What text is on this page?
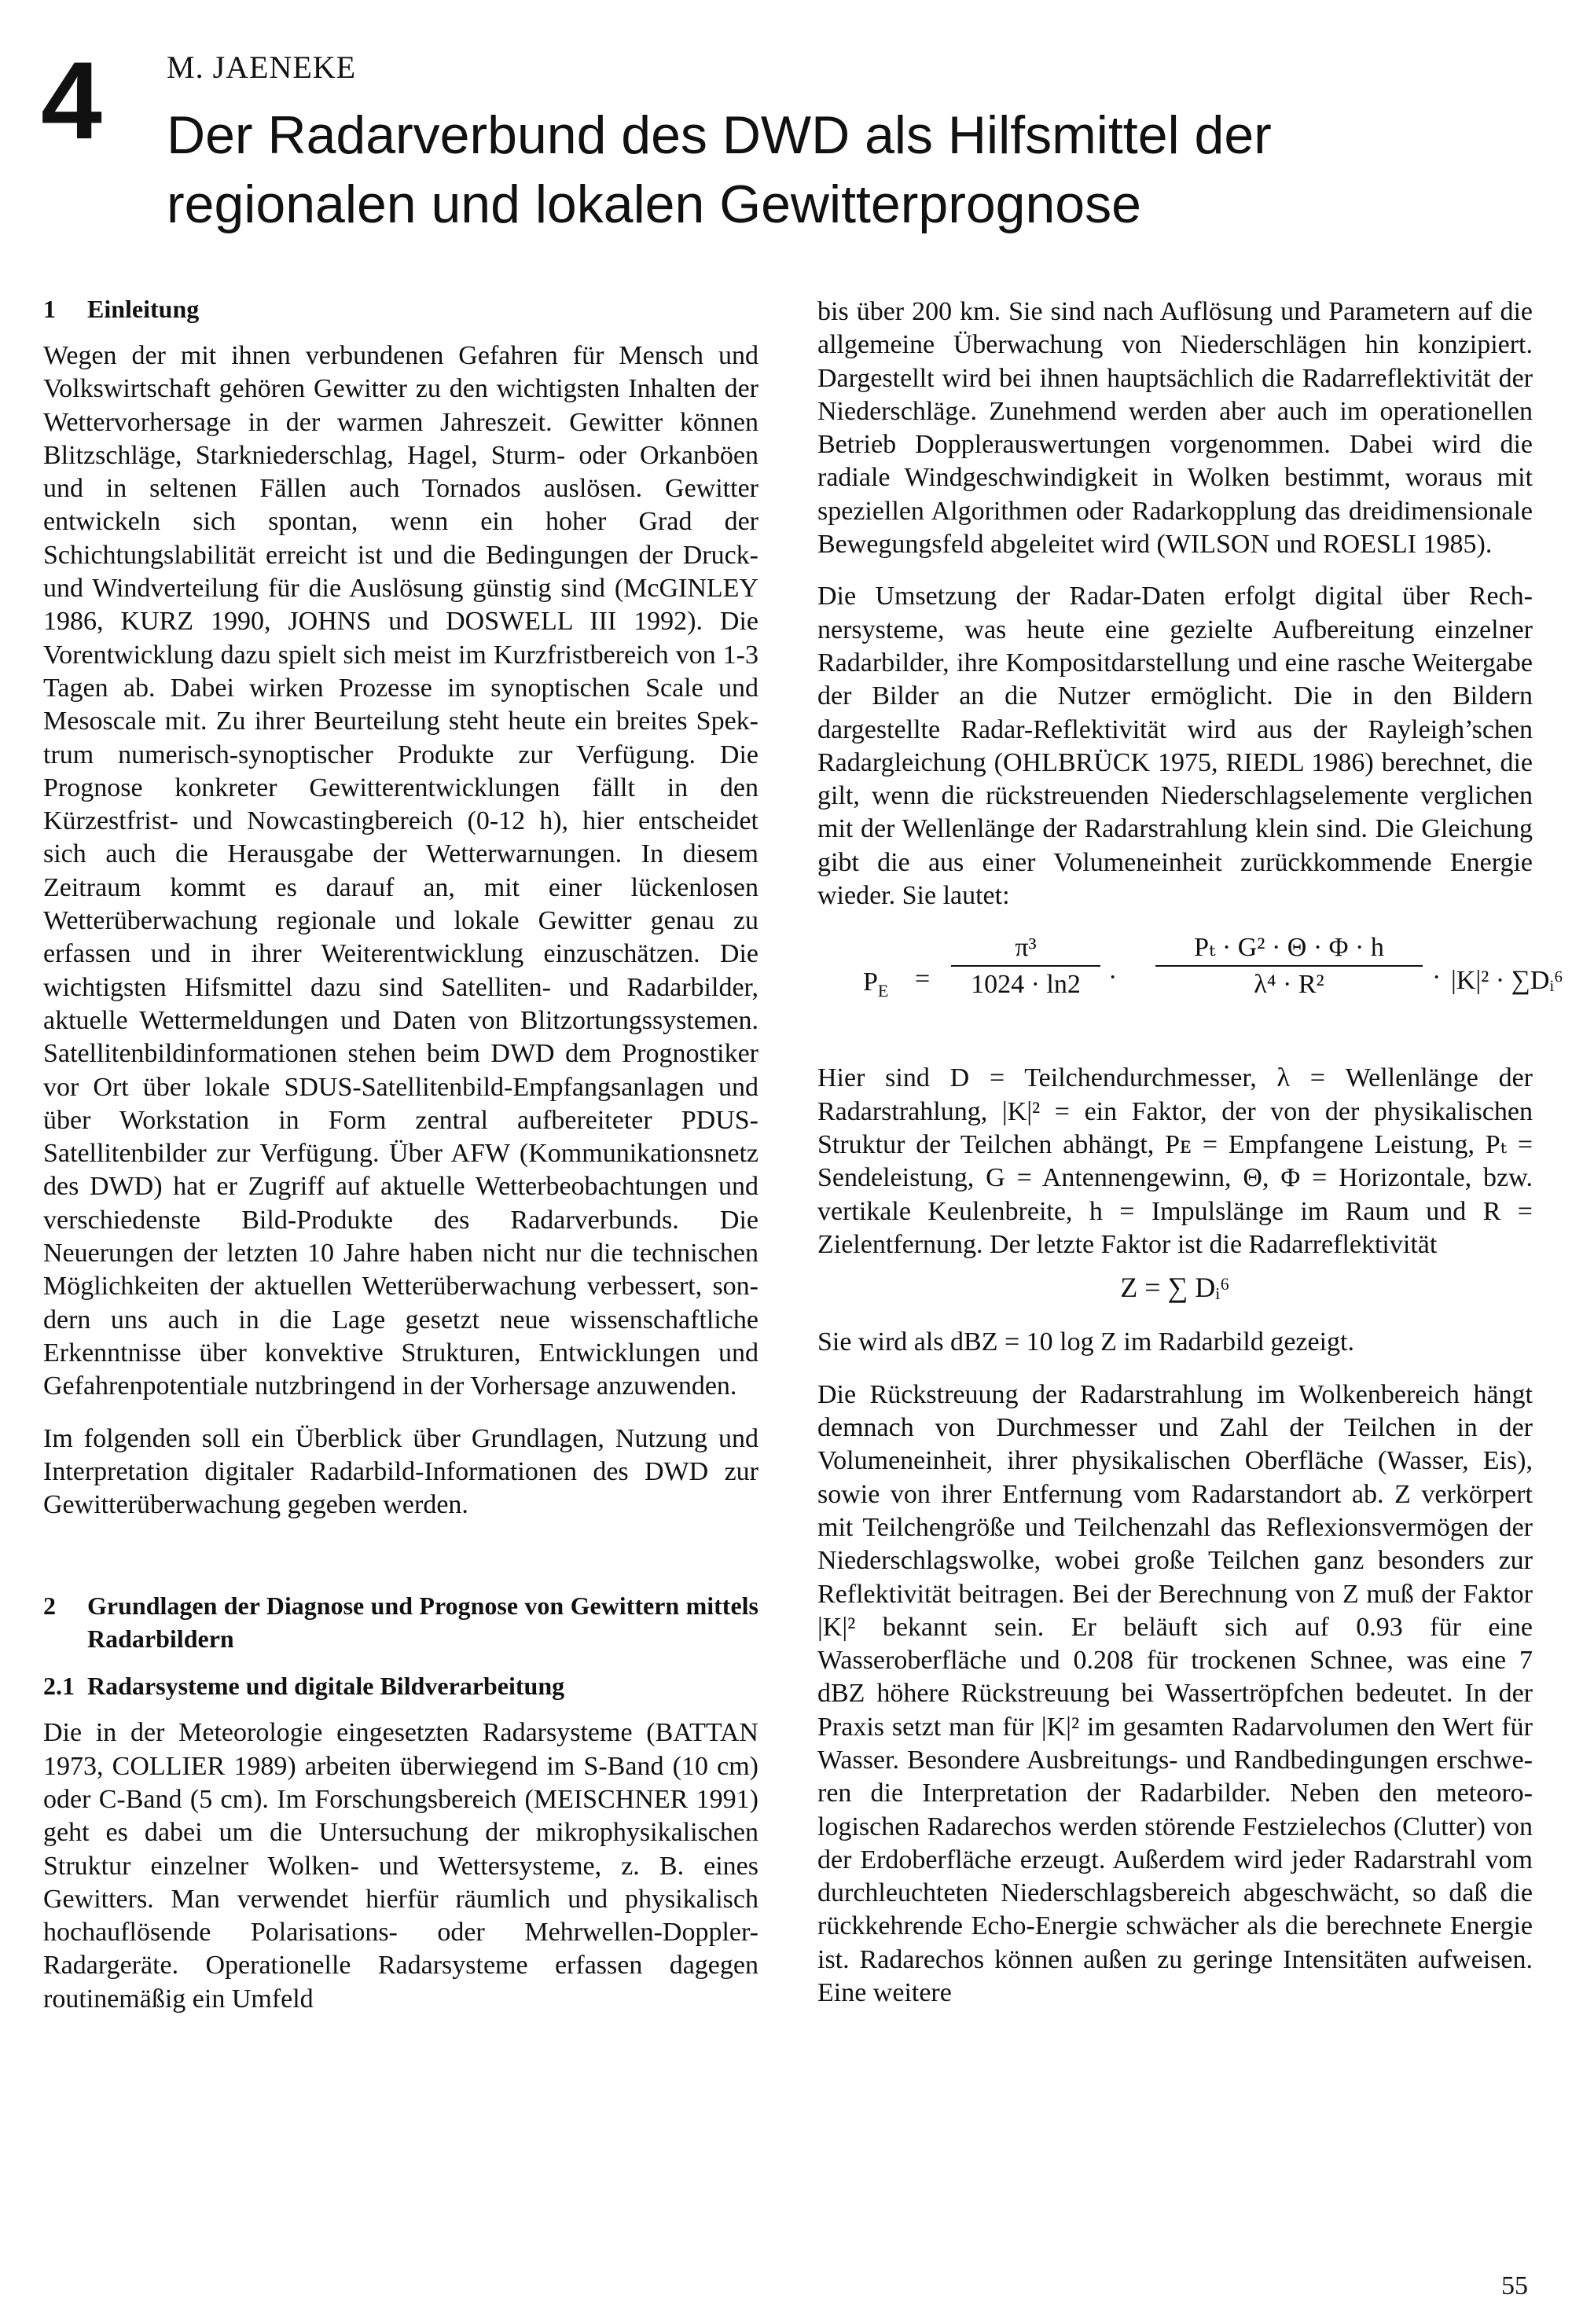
4 M. JAENEKE
Der Radarverbund des DWD als Hilfsmittel der
regionalen und lokalen Gewitterprognose
1	Einleitung

Wegen der mit ihnen verbundenen Gefahren für Mensch und Volkswirtschaft gehören Gewitter zu den wichtigsten Inhalten der Wettervorhersage in der warmen Jahreszeit. Gewitter können Blitzschläge, Starkniederschlag, Hagel, Sturm- oder Orkanböen und in seltenen Fällen auch Tornados auslösen. Gewitter entwickeln sich spontan, wenn ein hoher Grad der Schichtungslabilität erreicht ist und die Bedingungen der Druck- und Windverteilung für die Auslösung günstig sind (McGINLEY 1986, KURZ 1990, JOHNS und DOSWELL III 1992). Die Vorentwicklung dazu spielt sich meist im Kurzfristbereich von 1-3 Tagen ab. Dabei wirken Prozesse im synoptischen Scale und Mesoscale mit. Zu ihrer Beurteilung steht heute ein breites Spektrum numerisch-synoptischer Produkte zur Verfügung. Die Prognose konkreter Gewitterentwicklungen fällt in den Kürzestfrist- und Nowcastingbereich (0-12 h), hier entscheidet sich auch die Herausgabe der Wetterwarnungen. In diesem Zeitraum kommt es darauf an, mit einer lückenlosen Wetterüberwachung regionale und lokale Gewitter genau zu erfassen und in ihrer Weiterentwicklung einzuschätzen. Die wichtigsten Hifsmittel dazu sind Satelliten- und Radarbilder, aktuelle Wettermeldungen und Daten von Blitzortungssystemen. Satellitenbildinformationen stehen beim DWD dem Prognostiker vor Ort über lokale SDUS-Satellitenbild-Empfangsanlagen und über Workstation in Form zentral aufbereiteter PDUS-Satellitenbilder zur Verfügung. Über AFW (Kommunikationsnetz des DWD) hat er Zugriff auf aktuelle Wetterbeobachtungen und verschiedenste Bild-Produkte des Radarverbunds. Die Neuerungen der letzten 10 Jahre haben nicht nur die technischen Möglichkeiten der aktuellen Wetterüberwachung verbessert, sondern uns auch in die Lage gesetzt neue wissenschaftliche Erkenntnisse über konvektive Strukturen, Entwicklungen und Gefahrenpotentiale nutzbringend in der Vorhersage anzuwenden.

Im folgenden soll ein Überblick über Grundlagen, Nutzung und Interpretation digitaler Radarbild-Informationen des DWD zur Gewitterüberwachung gegeben werden.

2	Grundlagen der Diagnose und Prognose von Gewittern mittels Radarbildern
2.1 Radarsysteme und digitale Bildverarbeitung

Die in der Meteorologie eingesetzten Radarsysteme (BATTAN 1973, COLLIER 1989) arbeiten überwiegend im S-Band (10 cm) oder C-Band (5 cm). Im Forschungsbereich (MEISCHNER 1991) geht es dabei um die Untersuchung der mikrophysikalischen Struktur einzelner Wolken- und Wettersysteme, z. B. eines Gewitters. Man verwendet hierfür räumlich und physikalisch hochauflösende Polarisations- oder Mehrwellen-Doppler-Radargeräte. Operationelle Radarsysteme erfassen dagegen routinemäßig ein Umfeld

bis über 200 km. Sie sind nach Auflösung und Parametern auf die allgemeine Überwachung von Niederschlägen hin konzipiert. Dargestellt wird bei ihnen hauptsächlich die Radarreflektivität der Niederschläge. Zunehmend werden aber auch im operationellen Betrieb Dopplerauswertungen vorgenommen. Dabei wird die radiale Windgeschwindigkeit in Wolken bestimmt, woraus mit speziellen Algorithmen oder Radarkopplung das dreidimensionale Bewegungsfeld abgeleitet wird (WILSON und ROESLI 1985).

Die Umsetzung der Radar-Daten erfolgt digital über Rechnersysteme, was heute eine gezielte Aufbereitung einzelner Radarbilder, ihre Kompositdarstellung und eine rasche Weitergabe der Bilder an die Nutzer ermöglicht. Die in den Bildern dargestellte Radar-Reflektivität wird aus der Rayleigh’schen Radargleichung (OHLBRÜCK 1975, RIEDL 1986) berechnet, die gilt, wenn die rückstreuenden Niederschlagselemente verglichen mit der Wellenlänge der Radarstrahlung klein sind. Die Gleichung gibt die aus einer Volumeneinheit zurückkommende Energie wieder. Sie lautet:

$P_E = \frac{\text{π³}}{1024 \cdot \ln 2} \cdot \frac{\text{Pₜ · G² · Θ · Φ · h}}{\text{λ⁴ · R²}} \cdot |K|^2$ · ∑Dᵢ⁶

Hier sind D = Teilchendurchmesser, λ = Wellenlänge der Radarstrahlung, |K|² = ein Faktor, der von der physikalischen Struktur der Teilchen abhängt, Pᴇ = Empfangene Leistung, Pₜ = Sendeleistung, G = Antennengewinn, Θ, Φ = Horizontale, bzw. vertikale Keulenbreite, h = Impulslänge im Raum und R = Zielentfernung. Der letzte Faktor ist die Radarreflektivität

Z = ∑ Dᵢ⁶

Sie wird als dBZ = 10 log Z im Radarbild gezeigt.

Die Rückstreuung der Radarstrahlung im Wolkenbereich hängt demnach von Durchmesser und Zahl der Teilchen in der Volumeneinheit, ihrer physikalischen Oberfläche (Wasser, Eis), sowie von ihrer Entfernung vom Radarstandort ab. Z verkörpert mit Teilchengröße und Teilchenzahl das Reflexionsvermögen der Niederschlagswolke, wobei große Teilchen ganz besonders zur Reflektivität beitragen. Bei der Berechnung von Z muß der Faktor |K|² bekannt sein. Er beläuft sich auf 0.93 für eine Wasseroberfläche und 0.208 für trockenen Schnee, was eine 7 dBZ höhere Rückstreuung bei Wassertröpfchen bedeutet. In der Praxis setzt man für |K|² im gesamten Radarvolumen den Wert für Wasser. Besondere Ausbreitungs- und Randbedingungen erschweren die Interpretation der Radarbilder. Neben den meteorologischen Radarechos werden störende Festzielechos (Clutter) von der Erdoberfläche erzeugt. Außerdem wird jeder Radarstrahl vom durchleuchteten Niederschlagsbereich abgeschwächt, so daß die rückkehrende Echo-Energie schwächer als die berechnete Energie ist. Radarechos können außen zu geringe Intensitäten aufweisen. Eine weitere

55
